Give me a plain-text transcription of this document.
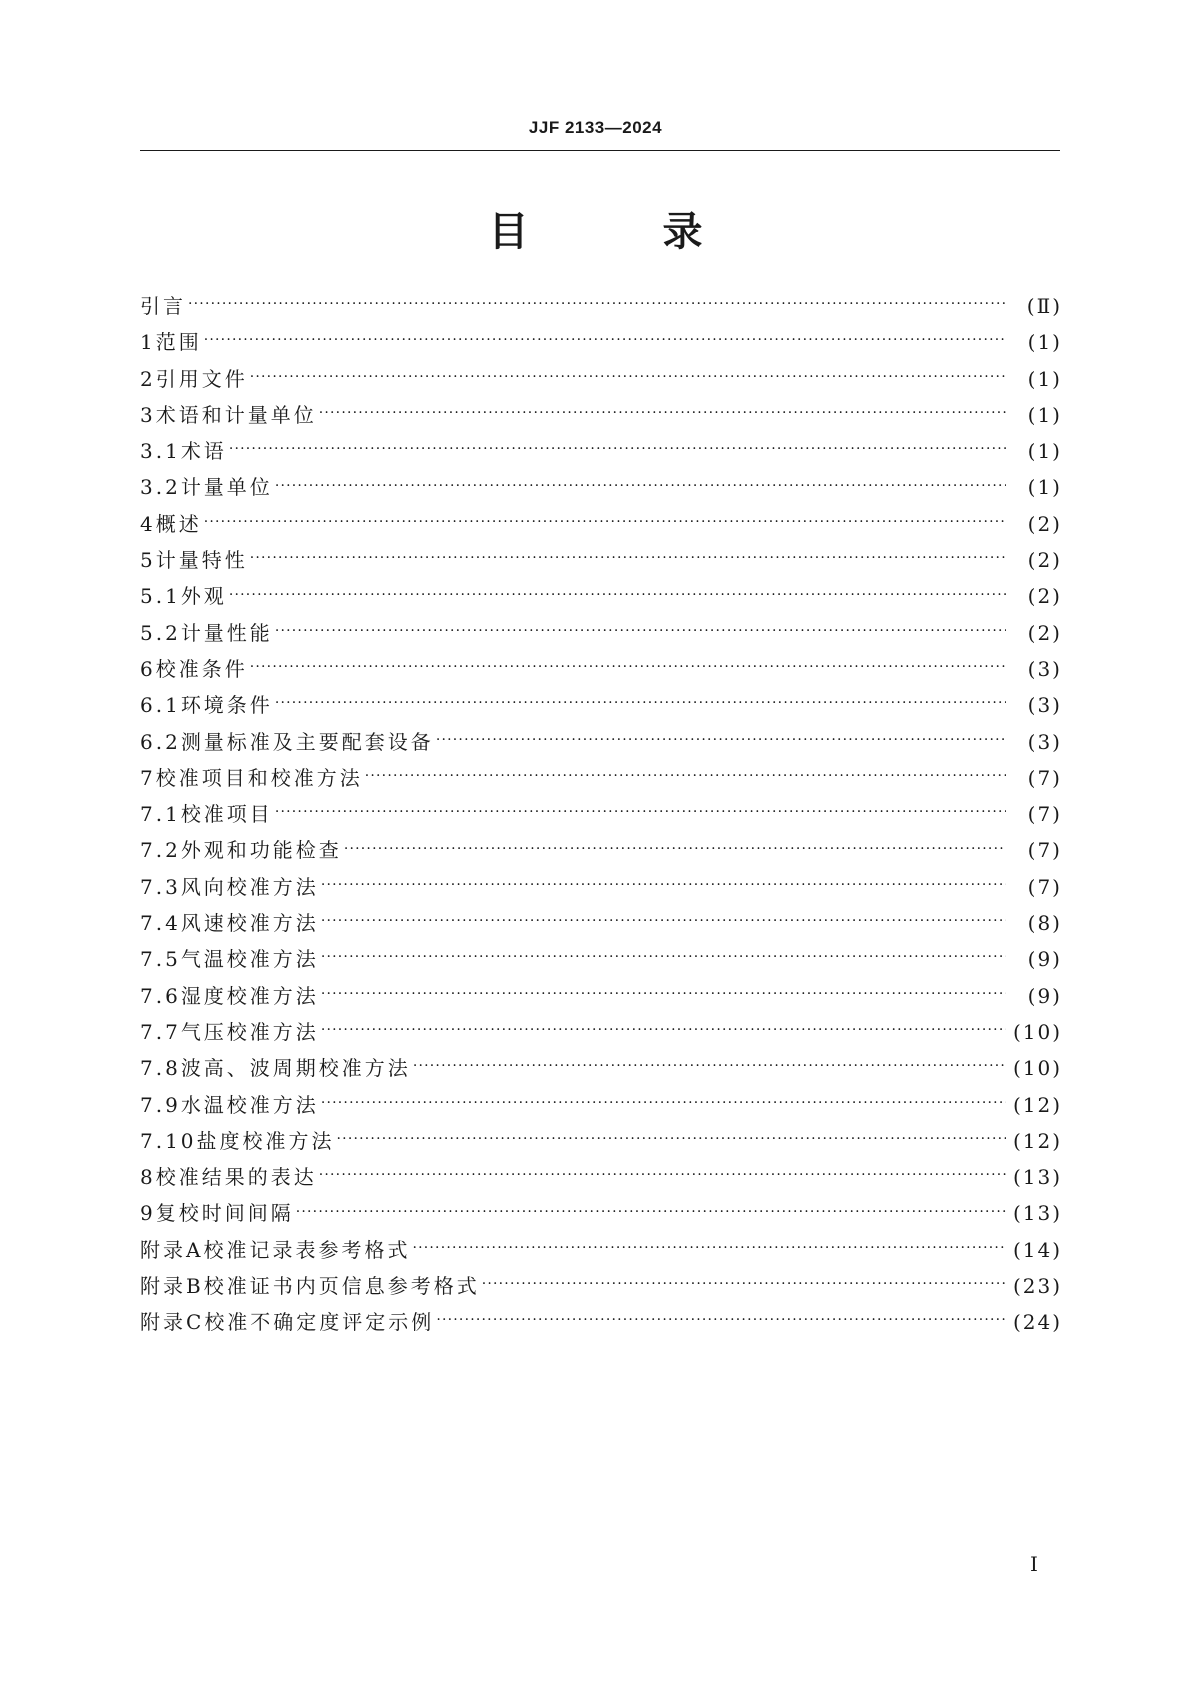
JJF 2133—2024
目 录
引言 ·····	(Ⅱ)
1 范围 ·····	(1)
2 引用文件 ·····	(1)
3 术语和计量单位 ·····	(1)
3.1 术语 ·····	(1)
3.2 计量单位 ·····	(1)
4 概述 ·····	(2)
5 计量特性 ·····	(2)
5.1 外观 ·····	(2)
5.2 计量性能 ·····	(2)
6 校准条件 ·····	(3)
6.1 环境条件 ·····	(3)
6.2 测量标准及主要配套设备 ·····	(3)
7 校准项目和校准方法 ·····	(7)
7.1 校准项目 ·····	(7)
7.2 外观和功能检查 ·····	(7)
7.3 风向校准方法 ·····	(7)
7.4 风速校准方法 ·····	(8)
7.5 气温校准方法 ·····	(9)
7.6 湿度校准方法 ·····	(9)
7.7 气压校准方法 ·····	(10)
7.8 波高、波周期校准方法 ·····	(10)
7.9 水温校准方法 ·····	(12)
7.10 盐度校准方法 ·····	(12)
8 校准结果的表达 ·····	(13)
9 复校时间间隔 ·····	(13)
附录A 校准记录表参考格式 ·····	(14)
附录B 校准证书内页信息参考格式 ·····	(23)
附录C 校准不确定度评定示例 ·····	(24)
Ⅰ
